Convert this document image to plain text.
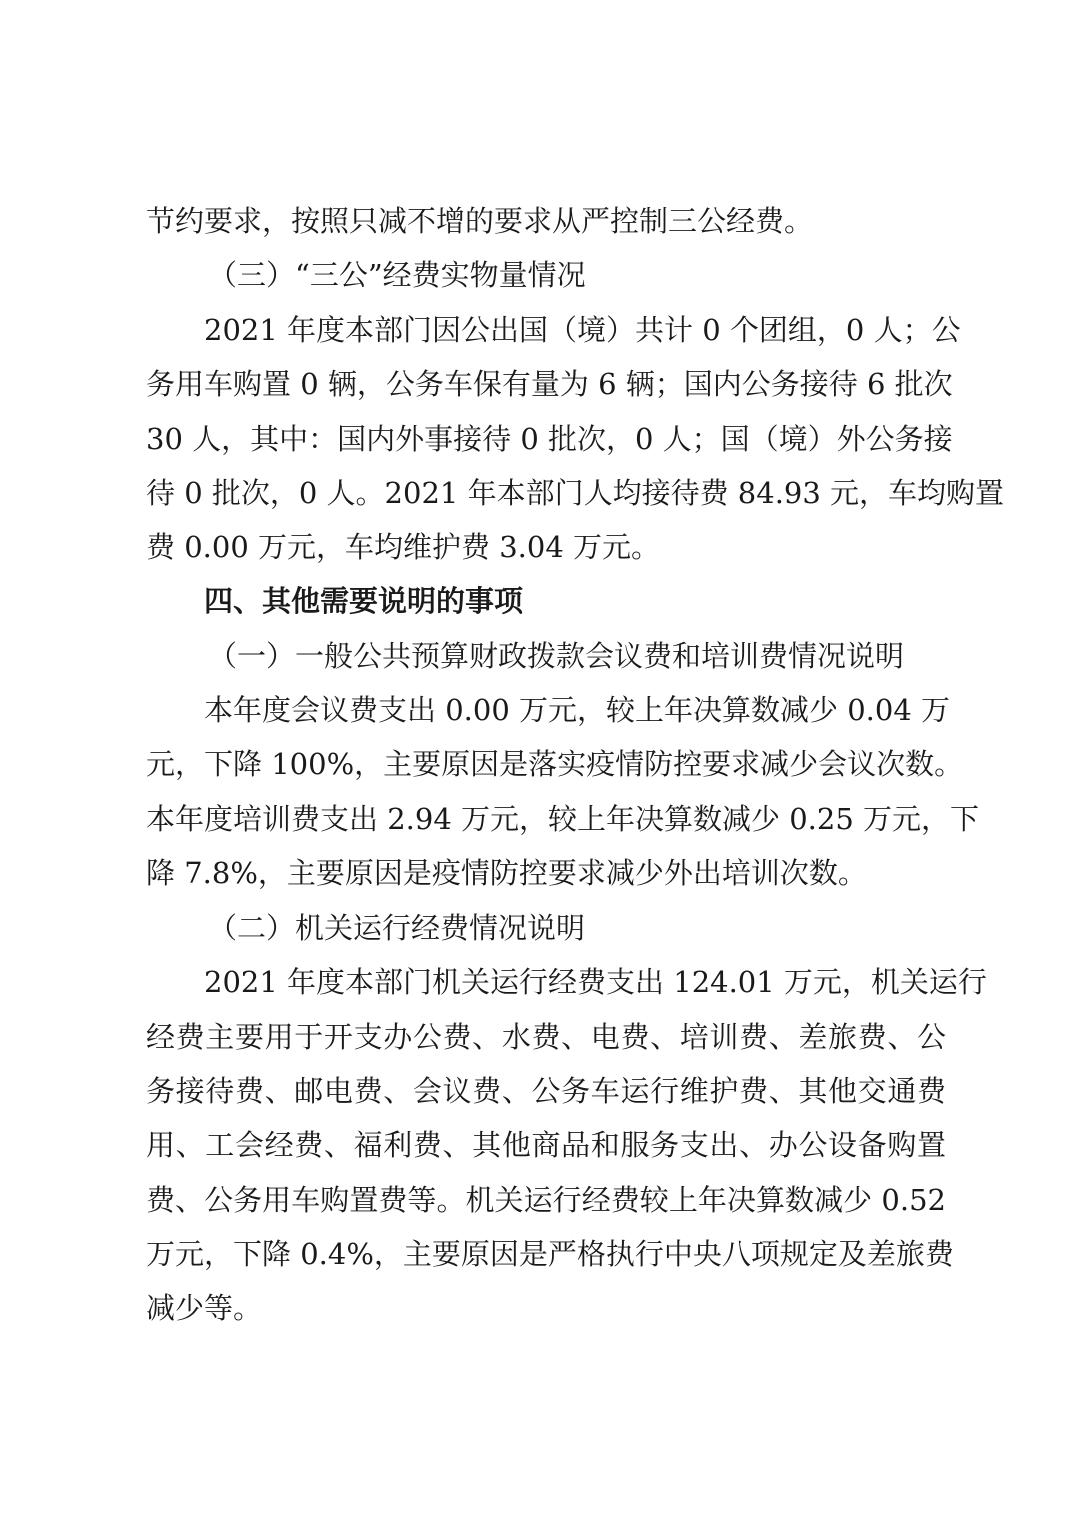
节约要求，按照只减不增的要求从严控制三公经费。
（三）“三公”经费实物量情况
2021 年度本部门因公出国（境）共计 0 个团组，0 人；公
务用车购置 0 辆，公务车保有量为 6 辆；国内公务接待 6 批次
30 人，其中：国内外事接待 0 批次，0 人；国（境）外公务接
待 0 批次，0 人。2021 年本部门人均接待费 84.93 元，车均购置
费 0.00 万元，车均维护费 3.04 万元。
四、其他需要说明的事项
（一）一般公共预算财政拨款会议费和培训费情况说明
本年度会议费支出 0.00 万元，较上年决算数减少 0.04 万
元，下降 100%，主要原因是落实疫情防控要求减少会议次数。
本年度培训费支出 2.94 万元，较上年决算数减少 0.25 万元，下
降 7.8%，主要原因是疫情防控要求减少外出培训次数。
（二）机关运行经费情况说明
2021 年度本部门机关运行经费支出 124.01 万元，机关运行
经费主要用于开支办公费、水费、电费、培训费、差旅费、公
务接待费、邮电费、会议费、公务车运行维护费、其他交通费
用、工会经费、福利费、其他商品和服务支出、办公设备购置
费、公务用车购置费等。机关运行经费较上年决算数减少 0.52
万元，下降 0.4%，主要原因是严格执行中央八项规定及差旅费
减少等。
